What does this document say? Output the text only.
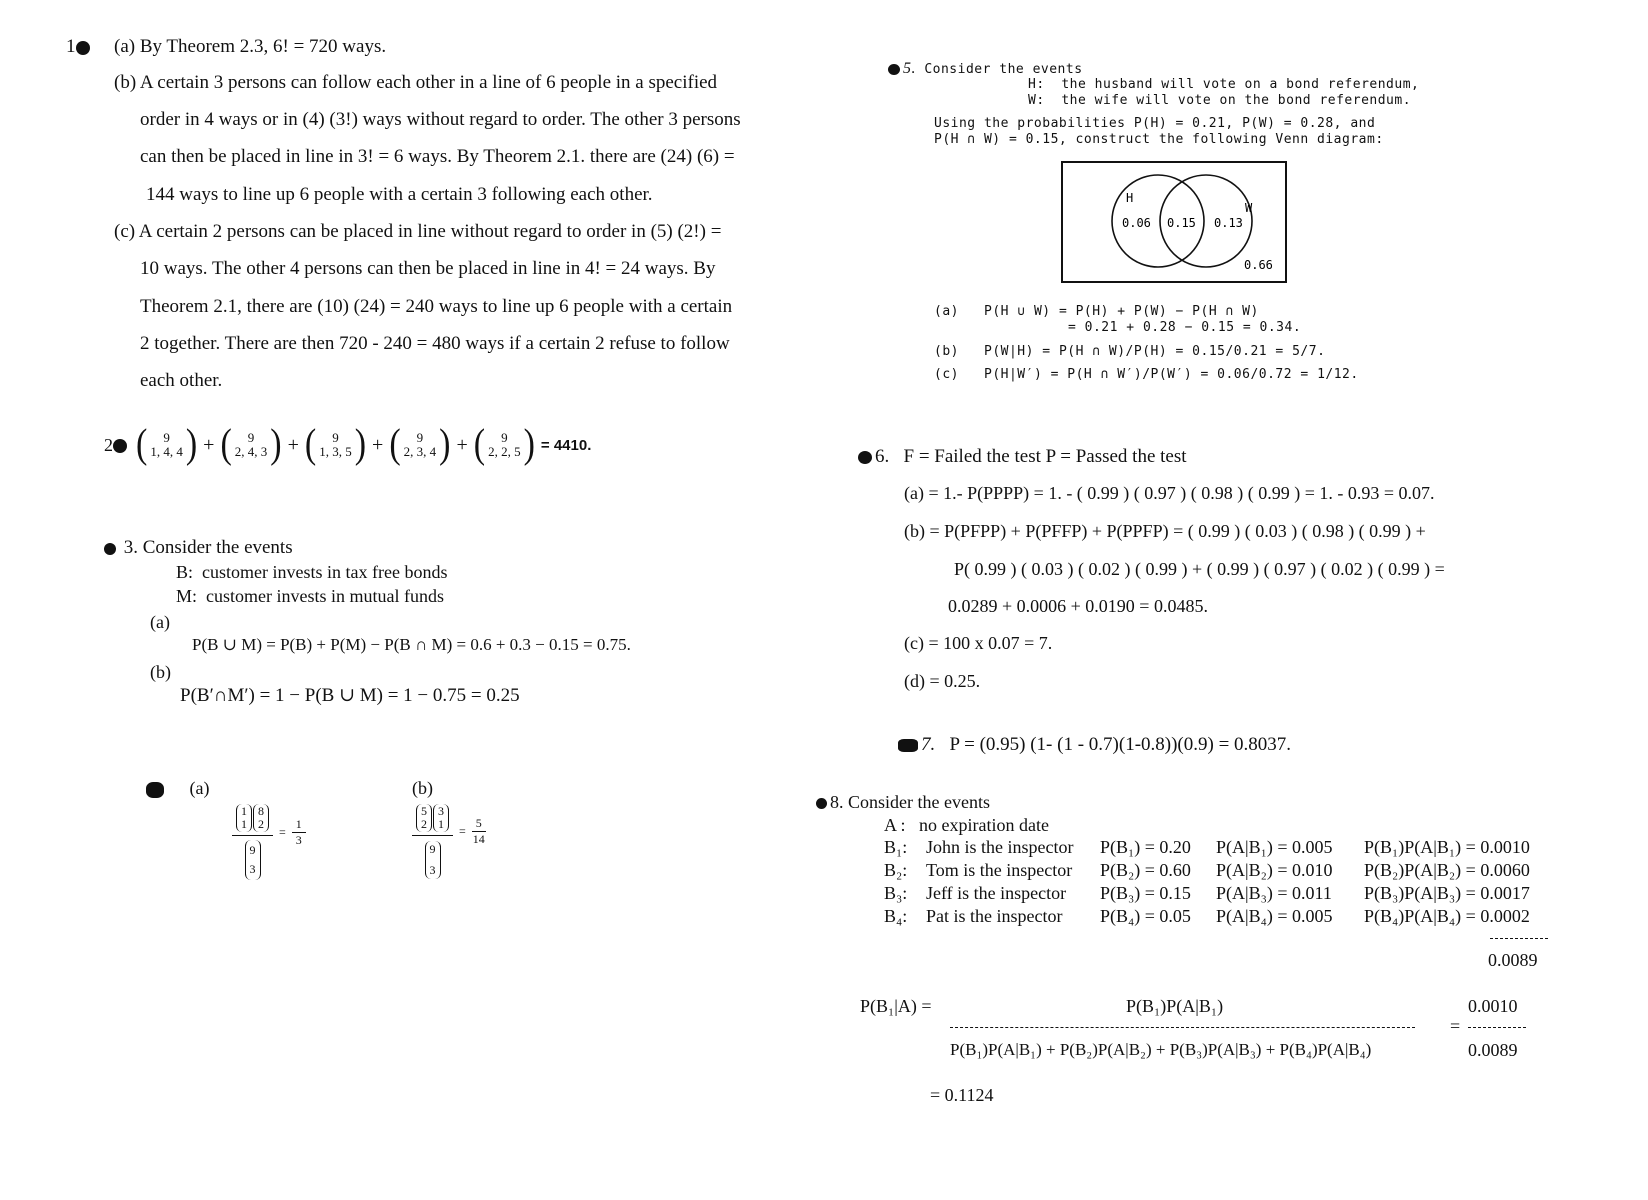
1	(a) By Theorem 2.3, 6! = 720 ways.
(b) A certain 3 persons can follow each other in a line of 6 people in a specified
order in 4 ways or in (4) (3!) ways without regard to order. The other 3 persons
can then be placed in line in 3! = 6 ways. By Theorem 2.1. there are (24) (6) =
144 ways to line up 6 people with a certain 3 following each other.
(c) A certain 2 persons can be placed in line without regard to order in (5) (2!) =
10 ways. The other 4 persons can then be placed in line in 4! = 24 ways. By
Theorem 2.1, there are (10) (24) = 240 ways to line up 6 people with a certain
2 together. There are then 720 - 240 = 480 ways if a certain 2 refuse to follow
each other.
2 ( 9
1, 4, 4 ) + ( 9
2, 4, 3 ) + ( 9
1, 3, 5 ) + ( 9
2, 3, 4 ) + ( 9
2, 2, 5 ) = 4410.
3. Consider the events
B: customer invests in tax free bonds
M: customer invests in mutual funds
(a)
P(B ∪ M) = P(B) + P(M) − P(B ∩ M) = 0.6 + 0.3 − 0.15 = 0.75.
(b)
P(B′∩M′) = 1 − P(B ∪ M) = 1 − 0.75 = 0.25
(a)
1
1
8
2
9
$3 = \frac{1}{3}$
(b)
5
2
3
1
9
$3 = \frac{5}{14}$
5. Consider the events
H: the husband will vote on a bond referendum,
W: the wife will vote on the bond referendum.
Using the probabilities P(H) = 0.21, P(W) = 0.28, and
P(H ∩ W) = 0.15, construct the following Venn diagram:
H
W
0.06 0.15 0.13
0.66
(a) P(H ∪ W) = P(H) + P(W) − P(H ∩ W)
= 0.21 + 0.28 − 0.15 = 0.34.
(b) P(W|H) = P(H ∩ W)/P(H) = 0.15/0.21 = 5/7.
(c) P(H|W′) = P(H ∩ W′)/P(W′) = 0.06/0.72 = 1/12.
6. F = Failed the test P = Passed the test
(a) = 1.- P(PPPP) = 1. - ( 0.99 ) ( 0.97 ) ( 0.98 ) ( 0.99 ) = 1. - 0.93 = 0.07.
(b) = P(PFPP) + P(PFFP) + P(PPFP) = ( 0.99 ) ( 0.03 ) ( 0.98 ) ( 0.99 ) +
P( 0.99 ) ( 0.03 ) ( 0.02 ) ( 0.99 ) + ( 0.99 ) ( 0.97 ) ( 0.02 ) ( 0.99 ) =
0.0289 + 0.0006 + 0.0190 = 0.0485.
(c) = 100 x 0.07 = 7.
(d) = 0.25.
7. P = (0.95) (1- (1 - 0.7)(1-0.8))(0.9) = 0.8037.
8. Consider the events
A : no expiration date
B₁:	John is the inspector	P(B₁) = 0.20	P(A|B₁) = 0.005	P(B₁)P(A|B₁) = 0.0010
B₂:	Tom is the inspector	P(B₂) = 0.60	P(A|B₂) = 0.010	P(B₂)P(A|B₂) = 0.0060
B₃:	Jeff is the inspector	P(B₃) = 0.15	P(A|B₃) = 0.011	P(B₃)P(A|B₃) = 0.0017
B₄:	Pat is the inspector	P(B₄) = 0.05	P(A|B₄) = 0.005	P(B₄)P(A|B₄) = 0.0002
0.0089
P(B₁|A) =	P(B₁)P(A|B₁)
P(B₁)P(A|B₁) + P(B₂)P(A|B₂) + P(B₃)P(A|B₃) + P(B₄)P(A|B₄)
=
0.0010
0.0089
= 0.1124
